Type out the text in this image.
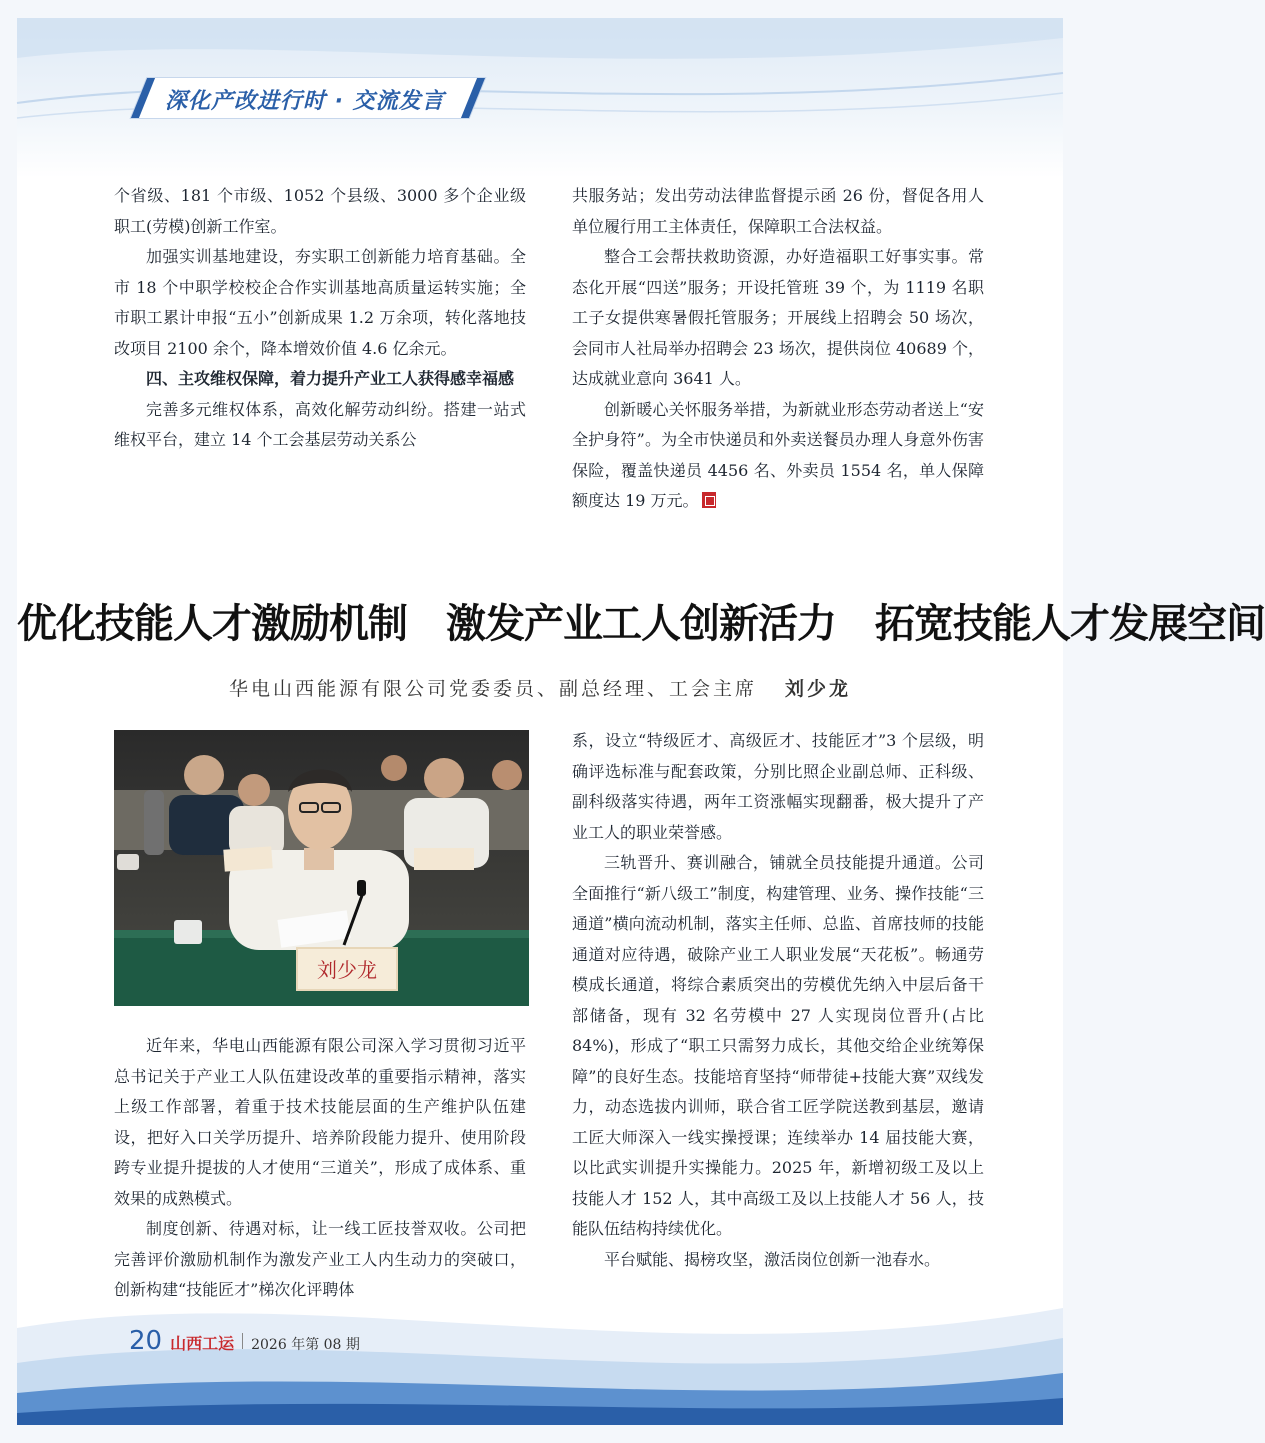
深化产改进行时 · 交流发言

个省级、181 个市级、1052 个县级、3000 多个企业级职工(劳模)创新工作室。

加强实训基地建设，夯实职工创新能力培育基础。全市 18 个中职学校校企合作实训基地高质量运转实施；全市职工累计申报“五小”创新成果 1.2 万余项，转化落地技改项目 2100 余个，降本增效价值 4.6 亿余元。

四、主攻维权保障，着力提升产业工人获得感幸福感

完善多元维权体系，高效化解劳动纠纷。搭建一站式维权平台，建立 14 个工会基层劳动关系公

共服务站；发出劳动法律监督提示函 26 份，督促各用人单位履行用工主体责任，保障职工合法权益。

整合工会帮扶救助资源，办好造福职工好事实事。常态化开展“四送”服务；开设托管班 39 个，为 1119 名职工子女提供寒暑假托管服务；开展线上招聘会 50 场次，会同市人社局举办招聘会 23 场次，提供岗位 40689 个，达成就业意向 3641 人。

创新暖心关怀服务举措，为新就业形态劳动者送上“安全护身符”。为全市快递员和外卖送餐员办理人身意外伤害保险，覆盖快递员 4456 名、外卖员 1554 名，单人保障额度达 19 万元。

优化技能人才激励机制　激发产业工人创新活力　拓宽技能人才发展空间
华电山西能源有限公司党委委员、副总经理、工会主席 刘少龙
刘少龙

近年来，华电山西能源有限公司深入学习贯彻习近平总书记关于产业工人队伍建设改革的重要指示精神，落实上级工作部署，着重于技术技能层面的生产维护队伍建设，把好入口关学历提升、培养阶段能力提升、使用阶段跨专业提升提拔的人才使用“三道关”，形成了成体系、重效果的成熟模式。

制度创新、待遇对标，让一线工匠技誉双收。公司把完善评价激励机制作为激发产业工人内生动力的突破口，创新构建“技能匠才”梯次化评聘体

系，设立“特级匠才、高级匠才、技能匠才”3 个层级，明确评选标准与配套政策，分别比照企业副总师、正科级、副科级落实待遇，两年工资涨幅实现翻番，极大提升了产业工人的职业荣誉感。

三轨晋升、赛训融合，铺就全员技能提升通道。公司全面推行“新八级工”制度，构建管理、业务、操作技能“三通道”横向流动机制，落实主任师、总监、首席技师的技能通道对应待遇，破除产业工人职业发展“天花板”。畅通劳模成长通道，将综合素质突出的劳模优先纳入中层后备干部储备，现有 32 名劳模中 27 人实现岗位晋升(占比 84%)，形成了“职工只需努力成长，其他交给企业统筹保障”的良好生态。技能培育坚持“师带徒+技能大赛”双线发力，动态选拔内训师，联合省工匠学院送教到基层，邀请工匠大师深入一线实操授课；连续举办 14 届技能大赛，以比武实训提升实操能力。2025 年，新增初级工及以上技能人才 152 人，其中高级工及以上技能人才 56 人，技能队伍结构持续优化。

平台赋能、揭榜攻坚，激活岗位创新一池春水。

20 山西工运 2026 年第 08 期
